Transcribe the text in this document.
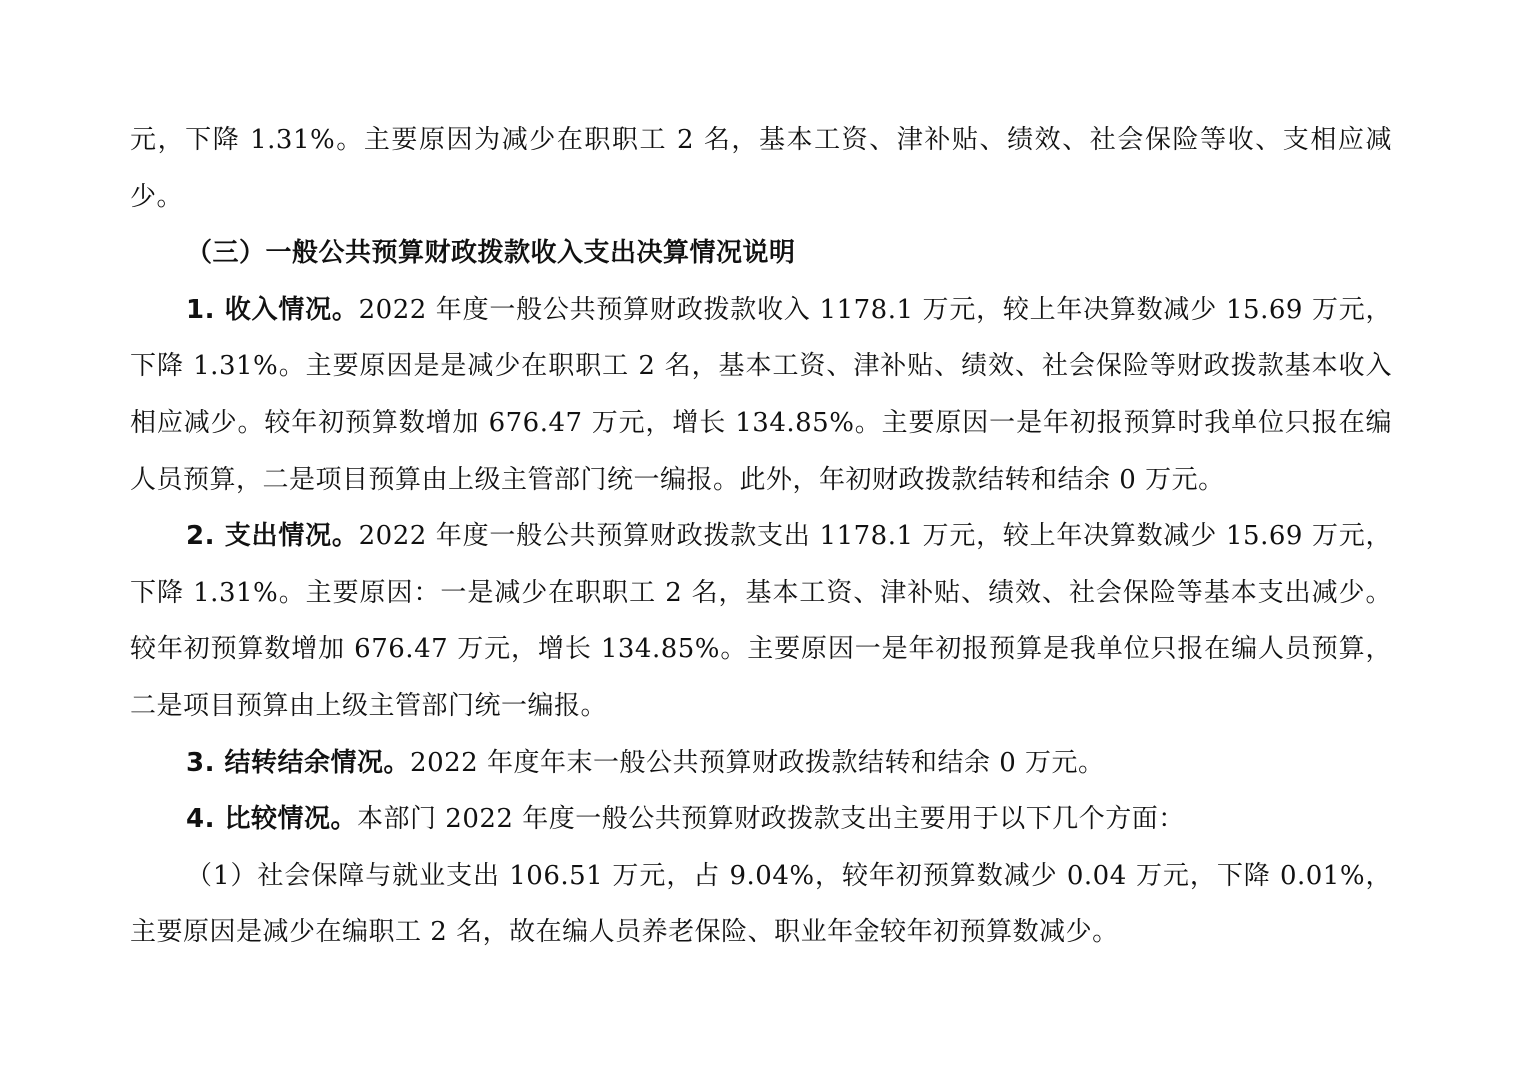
元，下降 1.31%。主要原因为减少在职职工 2 名，基本工资、津补贴、绩效、社会保险等收、支相应减少。

（三）一般公共预算财政拨款收入支出决算情况说明

1. 收入情况。2022 年度一般公共预算财政拨款收入 1178.1 万元，较上年决算数减少 15.69 万元，下降 1.31%。主要原因是是减少在职职工 2 名，基本工资、津补贴、绩效、社会保险等财政拨款基本收入相应减少。较年初预算数增加 676.47 万元，增长 134.85%。主要原因一是年初报预算时我单位只报在编人员预算，二是项目预算由上级主管部门统一编报。此外，年初财政拨款结转和结余 0 万元。

2. 支出情况。2022 年度一般公共预算财政拨款支出 1178.1 万元，较上年决算数减少 15.69 万元，下降 1.31%。主要原因：一是减少在职职工 2 名，基本工资、津补贴、绩效、社会保险等基本支出减少。较年初预算数增加 676.47 万元，增长 134.85%。主要原因一是年初报预算是我单位只报在编人员预算，二是项目预算由上级主管部门统一编报。

3. 结转结余情况。2022 年度年末一般公共预算财政拨款结转和结余 0 万元。

4. 比较情况。本部门 2022 年度一般公共预算财政拨款支出主要用于以下几个方面：

（1）社会保障与就业支出 106.51 万元，占 9.04%，较年初预算数减少 0.04 万元，下降 0.01%，主要原因是减少在编职工 2 名，故在编人员养老保险、职业年金较年初预算数减少。
